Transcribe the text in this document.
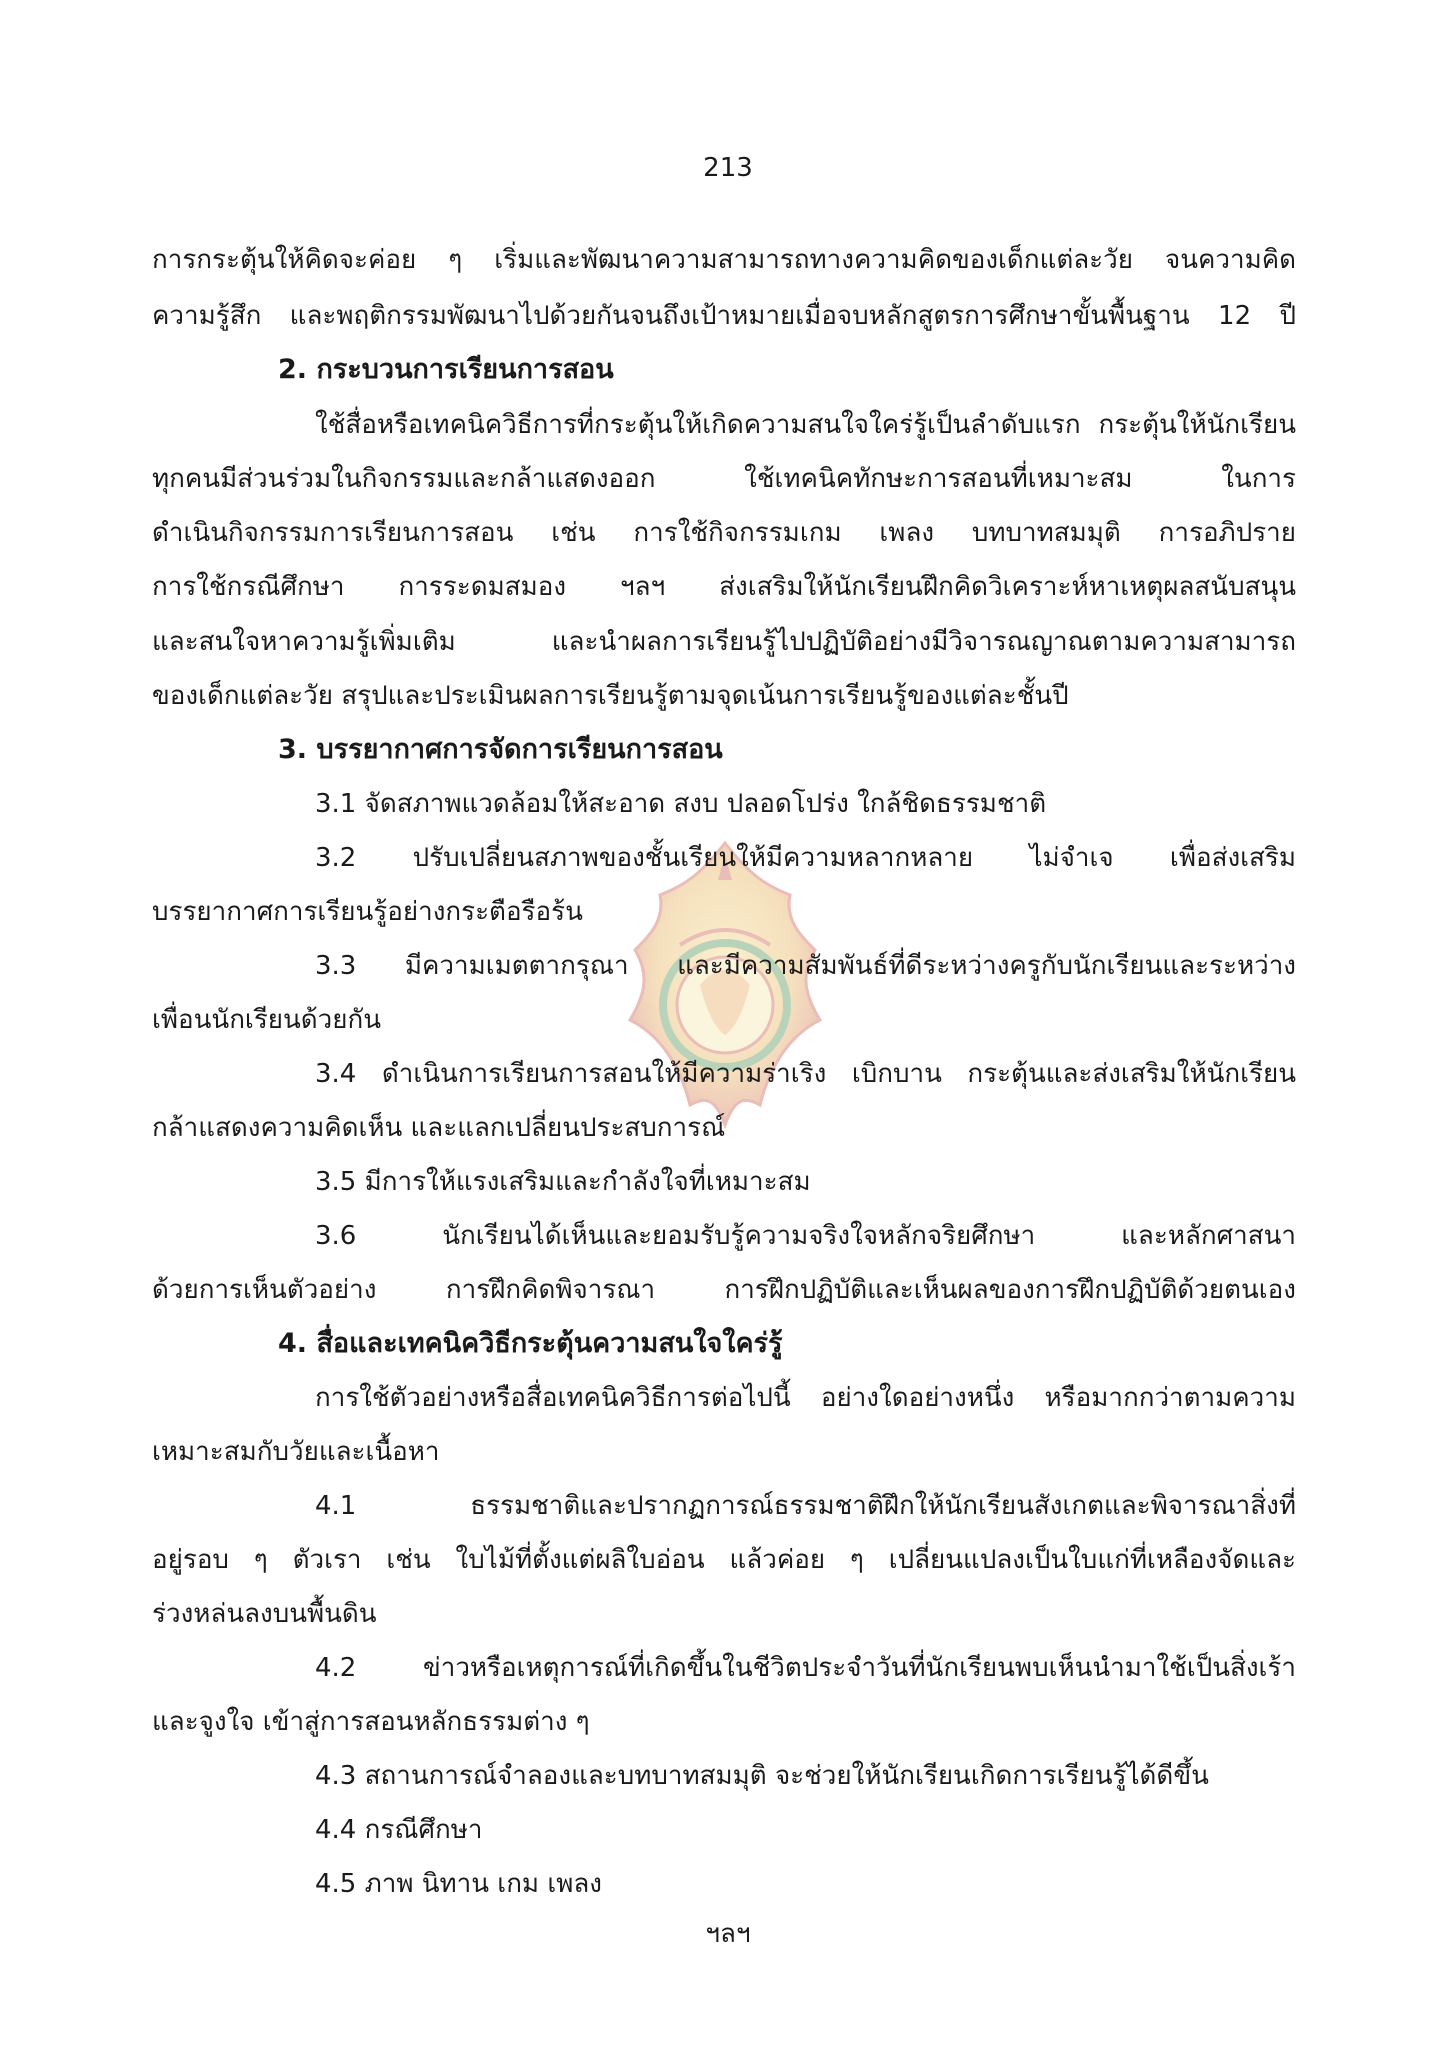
213
การกระตุ้นให้คิดจะค่อย ๆ เริ่มและพัฒนาความสามารถทางความคิดของเด็กแต่ละวัย จนความคิด
ความรู้สึก และพฤติกรรมพัฒนาไปด้วยกันจนถึงเป้าหมายเมื่อจบหลักสูตรการศึกษาขั้นพื้นฐาน 12 ปี
2. กระบวนการเรียนการสอน
ใช้สื่อหรือเทคนิควิธีการที่กระตุ้นให้เกิดความสนใจใคร่รู้เป็นลำดับแรก กระตุ้นให้นักเรียน
ทุกคนมีส่วนร่วมในกิจกรรมและกล้าแสดงออก ใช้เทคนิคทักษะการสอนที่เหมาะสม ในการ
ดำเนินกิจกรรมการเรียนการสอน เช่น การใช้กิจกรรมเกม เพลง บทบาทสมมุติ การอภิปราย
การใช้กรณีศึกษา การระดมสมอง ฯลฯ ส่งเสริมให้นักเรียนฝึกคิดวิเคราะห์หาเหตุผลสนับสนุน
และสนใจหาความรู้เพิ่มเติม และนำผลการเรียนรู้ไปปฏิบัติอย่างมีวิจารณญาณตามความสามารถ
ของเด็กแต่ละวัย สรุปและประเมินผลการเรียนรู้ตามจุดเน้นการเรียนรู้ของแต่ละชั้นปี
3. บรรยากาศการจัดการเรียนการสอน
3.1 จัดสภาพแวดล้อมให้สะอาด สงบ ปลอดโปร่ง ใกล้ชิดธรรมชาติ
3.2 ปรับเปลี่ยนสภาพของชั้นเรียนให้มีความหลากหลาย ไม่จำเจ เพื่อส่งเสริม
บรรยากาศการเรียนรู้อย่างกระตือรือร้น
3.3 มีความเมตตากรุณา และมีความสัมพันธ์ที่ดีระหว่างครูกับนักเรียนและระหว่าง
เพื่อนนักเรียนด้วยกัน
3.4 ดำเนินการเรียนการสอนให้มีความร่าเริง เบิกบาน กระตุ้นและส่งเสริมให้นักเรียน
กล้าแสดงความคิดเห็น และแลกเปลี่ยนประสบการณ์
3.5 มีการให้แรงเสริมและกำลังใจที่เหมาะสม
3.6 นักเรียนได้เห็นและยอมรับรู้ความจริงใจหลักจริยศึกษา และหลักศาสนา
ด้วยการเห็นตัวอย่าง การฝึกคิดพิจารณา การฝึกปฏิบัติและเห็นผลของการฝึกปฏิบัติด้วยตนเอง
4. สื่อและเทคนิควิธีกระตุ้นความสนใจใคร่รู้
การใช้ตัวอย่างหรือสื่อเทคนิควิธีการต่อไปนี้ อย่างใดอย่างหนึ่ง หรือมากกว่าตามความ
เหมาะสมกับวัยและเนื้อหา
4.1 ธรรมชาติและปรากฏการณ์ธรรมชาติฝึกให้นักเรียนสังเกตและพิจารณาสิ่งที่
อยู่รอบ ๆ ตัวเรา เช่น ใบไม้ที่ตั้งแต่ผลิใบอ่อน แล้วค่อย ๆ เปลี่ยนแปลงเป็นใบแก่ที่เหลืองจัดและ
ร่วงหล่นลงบนพื้นดิน
4.2 ข่าวหรือเหตุการณ์ที่เกิดขึ้นในชีวิตประจำวันที่นักเรียนพบเห็นนำมาใช้เป็นสิ่งเร้า
และจูงใจ เข้าสู่การสอนหลักธรรมต่าง ๆ
4.3 สถานการณ์จำลองและบทบาทสมมุติ จะช่วยให้นักเรียนเกิดการเรียนรู้ได้ดีขึ้น
4.4 กรณีศึกษา
4.5 ภาพ นิทาน เกม เพลง
ฯลฯ
